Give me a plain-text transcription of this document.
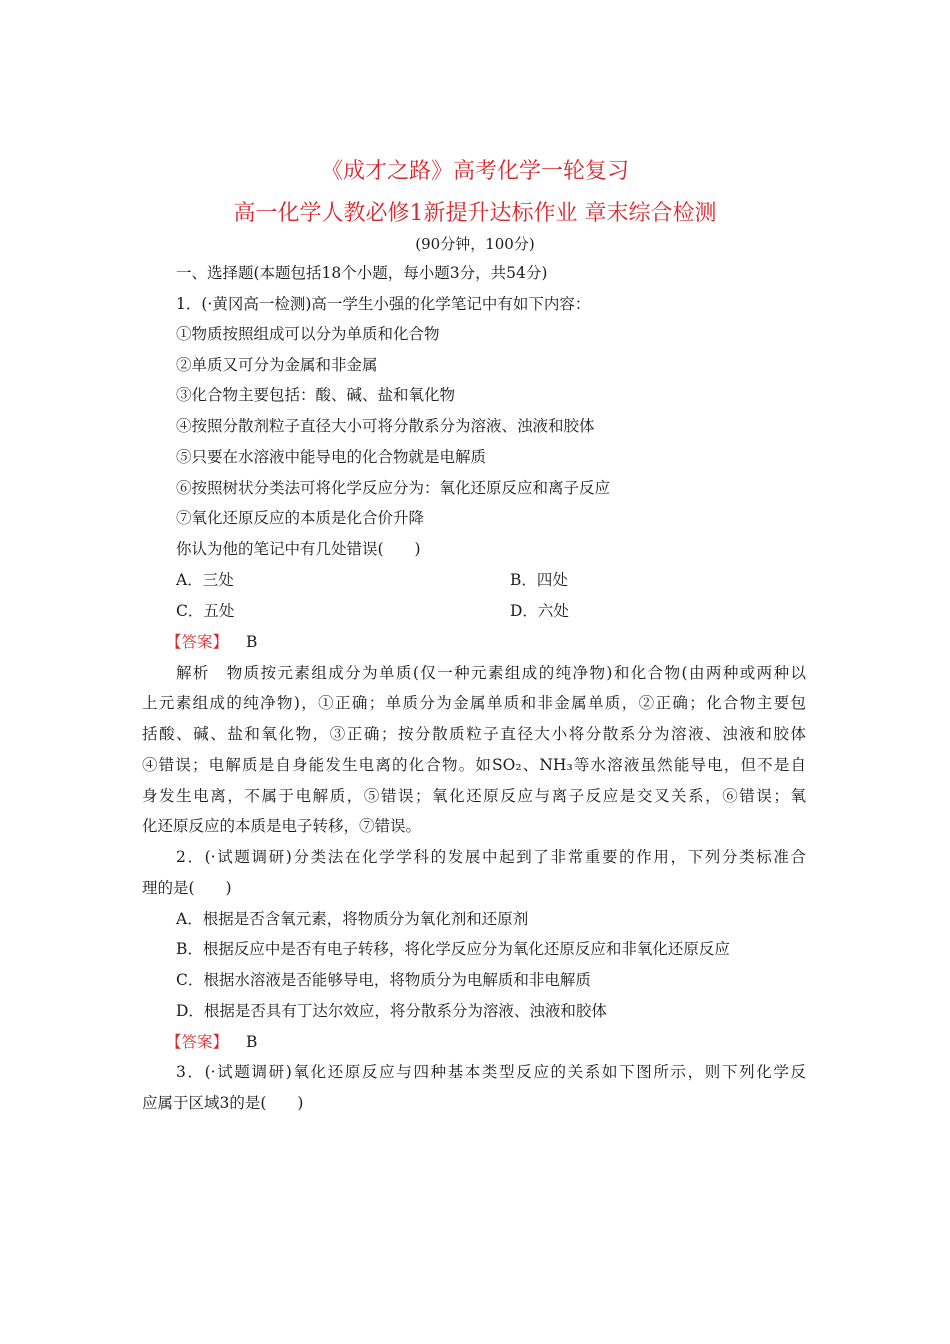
《成才之路》高考化学一轮复习
高一化学人教必修1新提升达标作业 章末综合检测
(90分钟，100分)
一、选择题(本题包括18个小题，每小题3分，共54分)
1．(·黄冈高一检测)高一学生小强的化学笔记中有如下内容：
①物质按照组成可以分为单质和化合物
②单质又可分为金属和非金属
③化合物主要包括：酸、碱、盐和氧化物
④按照分散剂粒子直径大小可将分散系分为溶液、浊液和胶体
⑤只要在水溶液中能导电的化合物就是电解质
⑥按照树状分类法可将化学反应分为：氧化还原反应和离子反应
⑦氧化还原反应的本质是化合价升降
你认为他的笔记中有几处错误(　　)
A．三处	B．四处
C．五处	D．六处
【答案】 B
解析　物质按元素组成分为单质(仅一种元素组成的纯净物)和化合物(由两种或两种以
上元素组成的纯净物)，①正确；单质分为金属单质和非金属单质，②正确；化合物主要包
括酸、碱、盐和氧化物，③正确；按分散质粒子直径大小将分散系分为溶液、浊液和胶体
④错误；电解质是自身能发生电离的化合物。如SO₂、NH₃等水溶液虽然能导电，但不是自
身发生电离，不属于电解质，⑤错误；氧化还原反应与离子反应是交叉关系，⑥错误；氧
化还原反应的本质是电子转移，⑦错误。
2．(·试题调研)分类法在化学学科的发展中起到了非常重要的作用，下列分类标准合
理的是(　　)
A．根据是否含氧元素，将物质分为氧化剂和还原剂
B．根据反应中是否有电子转移，将化学反应分为氧化还原反应和非氧化还原反应
C．根据水溶液是否能够导电，将物质分为电解质和非电解质
D．根据是否具有丁达尔效应，将分散系分为溶液、浊液和胶体
【答案】 B
3．(·试题调研)氧化还原反应与四种基本类型反应的关系如下图所示，则下列化学反
应属于区域3的是(　　)
